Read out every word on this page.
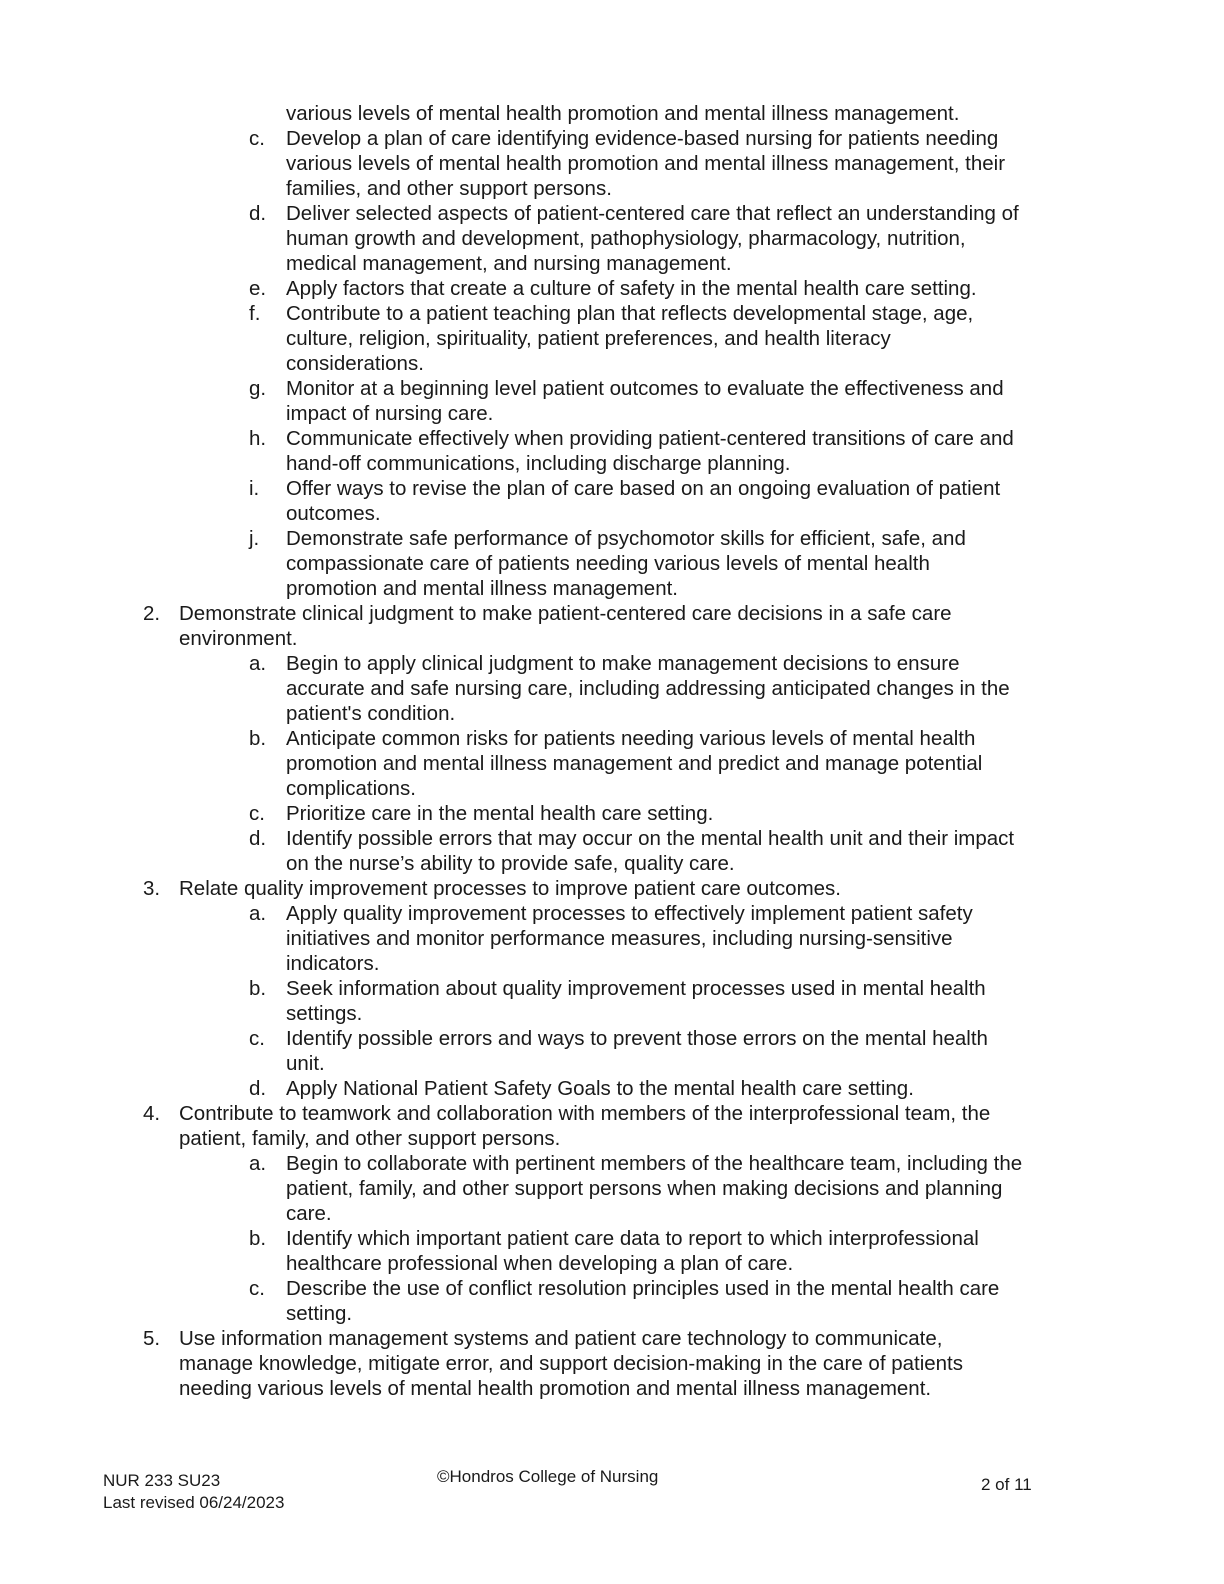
various levels of mental health promotion and mental illness management.
c.	Develop a plan of care identifying evidence-based nursing for patients needing
various levels of mental health promotion and mental illness management, their
families, and other support persons.
d. Deliver selected aspects of patient-centered care that reflect an understanding of
human growth and development, pathophysiology, pharmacology, nutrition,
medical management, and nursing management.
e. Apply factors that create a culture of safety in the mental health care setting.
f.	Contribute to a patient teaching plan that reflects developmental stage, age,
culture, religion, spirituality, patient preferences, and health literacy
considerations.
g. Monitor at a beginning level patient outcomes to evaluate the effectiveness and
impact of nursing care.
h. Communicate effectively when providing patient-centered transitions of care and
hand-off communications, including discharge planning.
i.	Offer ways to revise the plan of care based on an ongoing evaluation of patient
outcomes.
j.	Demonstrate safe performance of psychomotor skills for efficient, safe, and
compassionate care of patients needing various levels of mental health
promotion and mental illness management.
2. Demonstrate clinical judgment to make patient-centered care decisions in a safe care
environment.
a. Begin to apply clinical judgment to make management decisions to ensure
accurate and safe nursing care, including addressing anticipated changes in the
patient's condition.
b. Anticipate common risks for patients needing various levels of mental health
promotion and mental illness management and predict and manage potential
complications.
c.	Prioritize care in the mental health care setting.
d. Identify possible errors that may occur on the mental health unit and their impact
on the nurse’s ability to provide safe, quality care.
3. Relate quality improvement processes to improve patient care outcomes.
a. Apply quality improvement processes to effectively implement patient safety
initiatives and monitor performance measures, including nursing-sensitive
indicators.
b. Seek information about quality improvement processes used in mental health
settings.
c.	Identify possible errors and ways to prevent those errors on the mental health
unit.
d. Apply National Patient Safety Goals to the mental health care setting.
4. Contribute to teamwork and collaboration with members of the interprofessional team, the
patient, family, and other support persons.
a. Begin to collaborate with pertinent members of the healthcare team, including the
patient, family, and other support persons when making decisions and planning
care.
b. Identify which important patient care data to report to which interprofessional
healthcare professional when developing a plan of care.
c.	Describe the use of conflict resolution principles used in the mental health care
setting.
5. Use information management systems and patient care technology to communicate,
manage knowledge, mitigate error, and support decision-making in the care of patients
needing various levels of mental health promotion and mental illness management.
NUR 233 SU23
Last revised 06/24/2023
©Hondros College of Nursing	2 of 11
